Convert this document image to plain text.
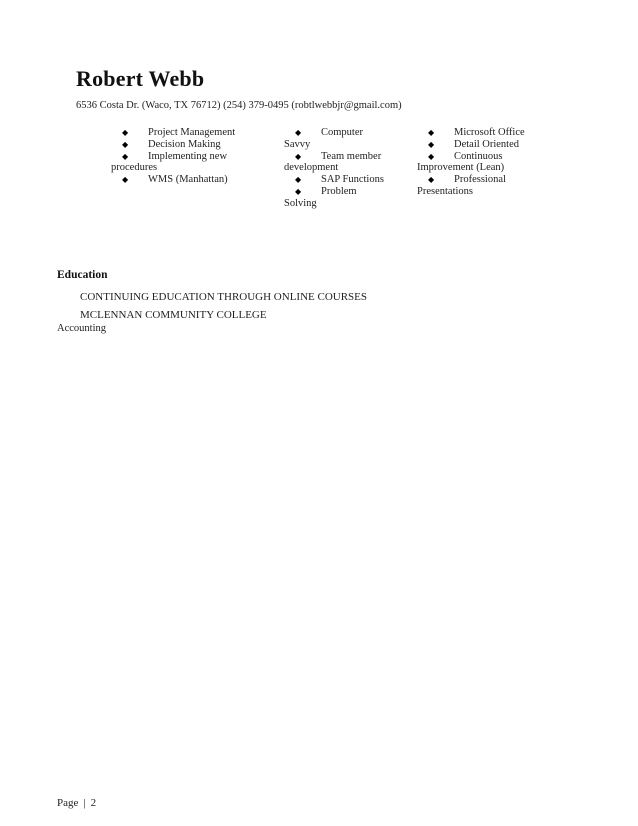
Robert Webb
6536 Costa Dr. (Waco, TX 76712) (254) 379-0495 (robtlwebbjr@gmail.com)
◆ Project Management
◆ Decision Making
◆ Implementing new procedures
◆ WMS (Manhattan)
◆ Computer Savvy
◆ Team member development
◆ SAP Functions
◆ Problem Solving
◆ Microsoft Office
◆ Detail Oriented
◆ Continuous Improvement (Lean)
◆ Professional Presentations
Education
CONTINUING EDUCATION THROUGH ONLINE COURSES
MCLENNAN COMMUNITY COLLEGE
Accounting
Page | 2
